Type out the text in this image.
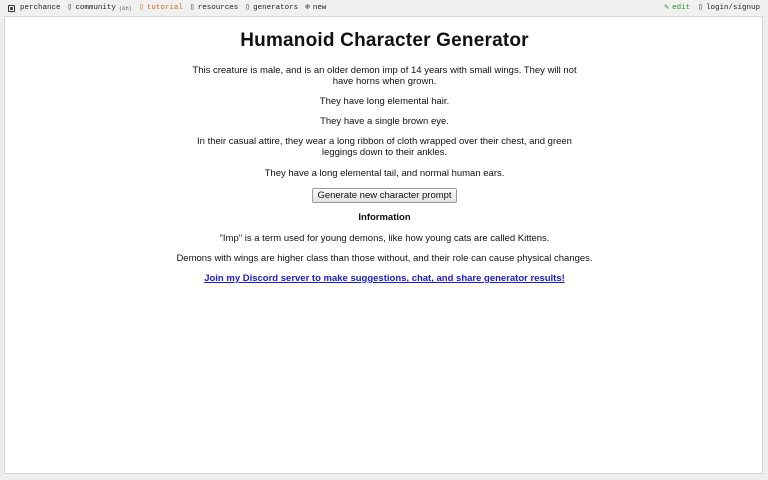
perchance ▯ community (6h) ▯ tutorial ▯ resources ▯ generators ⊕ new	✎ edit ▯ login/signup
Humanoid Character Generator
This creature is male, and is an older demon imp of 14 years with small wings. They will not have horns when grown.
They have long elemental hair.
They have a single brown eye.
In their casual attire, they wear a long ribbon of cloth wrapped over their chest, and green leggings down to their ankles.
They have a long elemental tail, and normal human ears.
Generate new character prompt
Information
"Imp" is a term used for young demons, like how young cats are called Kittens.
Demons with wings are higher class than those without, and their role can cause physical changes.
Join my Discord server to make suggestions, chat, and share generator results!
